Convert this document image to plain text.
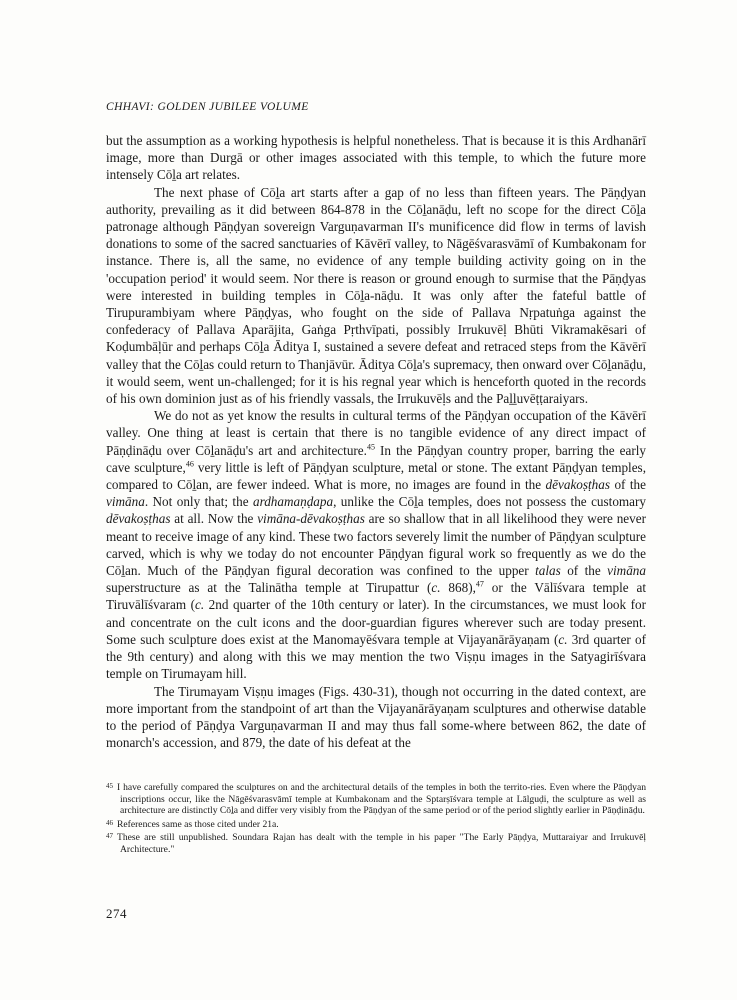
CHHAVI: GOLDEN JUBILEE VOLUME

but the assumption as a working hypothesis is helpful nonetheless. That is because it is this Ardhanārī image, more than Durgā or other images associated with this temple, to which the future more intensely Cōḻa art relates.

The next phase of Cōḻa art starts after a gap of no less than fifteen years. The Pāṇḍyan authority, prevailing as it did between 864-878 in the Cōḻanāḍu, left no scope for the direct Cōḻa patronage although Pāṇḍyan sovereign Varguṇavarman II's munificence did flow in terms of lavish donations to some of the sacred sanctuaries of Kāvērī valley, to Nāgēśvarasvāmī of Kumbakonam for instance. There is, all the same, no evidence of any temple building activity going on in the 'occupation period' it would seem. Nor there is reason or ground enough to surmise that the Pāṇḍyas were interested in building temples in Cōḻa-nāḍu. It was only after the fateful battle of Tirupurambiyam where Pāṇḍyas, who fought on the side of Pallava Nṛpatuṅga against the confederacy of Pallava Aparājita, Gaṅga Pṛthvīpati, possibly Irrukuvēḷ Bhūti Vikramakēsari of Koḍumbāḷūr and perhaps Cōḻa Āditya I, sustained a severe defeat and retraced steps from the Kāvērī valley that the Cōḻas could return to Thanjāvūr. Āditya Cōḻa's supremacy, then onward over Cōḻanāḍu, it would seem, went un-challenged; for it is his regnal year which is henceforth quoted in the records of his own dominion just as of his friendly vassals, the Irrukuvēḷs and the Paḻḻuvēṭṭaraiyars.

We do not as yet know the results in cultural terms of the Pāṇḍyan occupation of the Kāvērī valley. One thing at least is certain that there is no tangible evidence of any direct impact of Pāṇḍināḍu over Cōḻanāḍu's art and architecture.$^{45}$ In the Pāṇḍyan country proper, barring the early cave sculpture,$^{46}$ very little is left of Pāṇḍyan sculpture, metal or stone. The extant Pāṇḍyan temples, compared to Cōḻan, are fewer indeed. What is more, no images are found in the dēvakoṣṭhas of the vimāna. Not only that; the ardhamaṇḍapa, unlike the Cōḻa temples, does not possess the customary dēvakoṣṭhas at all. Now the vimāna-dēvakoṣṭhas are so shallow that in all likelihood they were never meant to receive image of any kind. These two factors severely limit the number of Pāṇḍyan sculpture carved, which is why we today do not encounter Pāṇḍyan figural work so frequently as we do the Cōḻan. Much of the Pāṇḍyan figural decoration was confined to the upper talas of the vimāna superstructure as at the Talinātha temple at Tirupattur (c. 868),$^{47}$ or the Vālīśvara temple at Tiruvālīśvaram (c. 2nd quarter of the 10th century or later). In the circumstances, we must look for and concentrate on the cult icons and the door-guardian figures wherever such are today present. Some such sculpture does exist at the Manomayēśvara temple at Vijayanārāyaṇam (c. 3rd quarter of the 9th century) and along with this we may mention the two Viṣṇu images in the Satyagirīśvara temple on Tirumayam hill.

The Tirumayam Viṣṇu images (Figs. 430-31), though not occurring in the dated context, are more important from the standpoint of art than the Vijayanārāyaṇam sculptures and otherwise datable to the period of Pāṇḍya Varguṇavarman II and may thus fall some-where between 862, the date of monarch's accession, and 879, the date of his defeat at the

$^{45}$ I have carefully compared the sculptures on and the architectural details of the temples in both the territo-ries. Even where the Pāṇḍyan inscriptions occur, like the Nāgēśvarasvāmī temple at Kumbakonam and the Sptarṣīśvara temple at Lālguḍi, the sculpture as well as architecture are distinctly Cōḻa and differ very visibly from the Pāṇḍyan of the same period or of the period slightly earlier in Pāṇḍināḍu.
$^{46}$ References same as those cited under 21a.
$^{47}$ These are still unpublished. Soundara Rajan has dealt with the temple in his paper "The Early Pāṇḍya, Muttaraiyar and Irrukuvēḷ Architecture."
274
